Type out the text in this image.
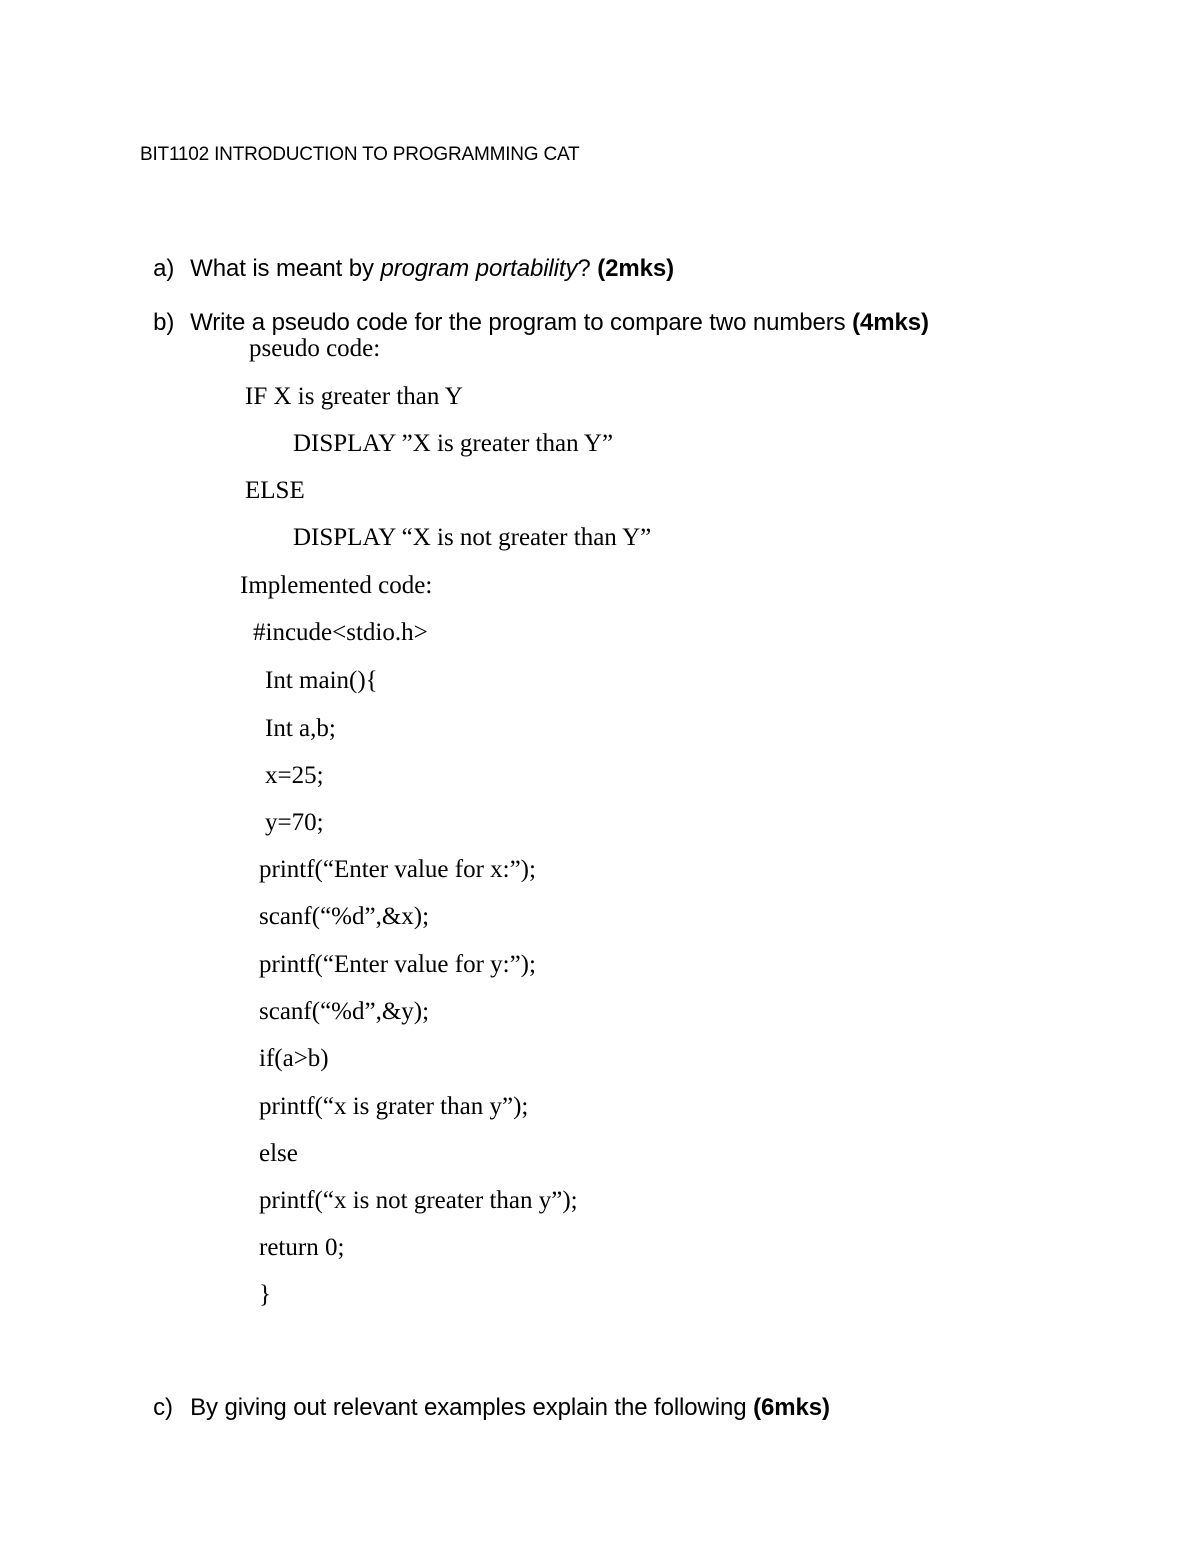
BIT1102 INTRODUCTION TO PROGRAMMING CAT

a) What is meant by program portability? (2mks)

b) Write a pseudo code for the program to compare two numbers (4mks)

pseudo code:
IF X is greater than Y
DISPLAY ”X is greater than Y”
ELSE
DISPLAY “X is not greater than Y”
Implemented code:
#incude<stdio.h>
Int main(){
Int a,b;
x=25;
y=70;
printf(“Enter value for x:”);
scanf(“%d”,&x);
printf(“Enter value for y:”);
scanf(“%d”,&y);
if(a>b)
printf(“x is grater than y”);
else
printf(“x is not greater than y”);
return 0;
}

c) By giving out relevant examples explain the following (6mks)
